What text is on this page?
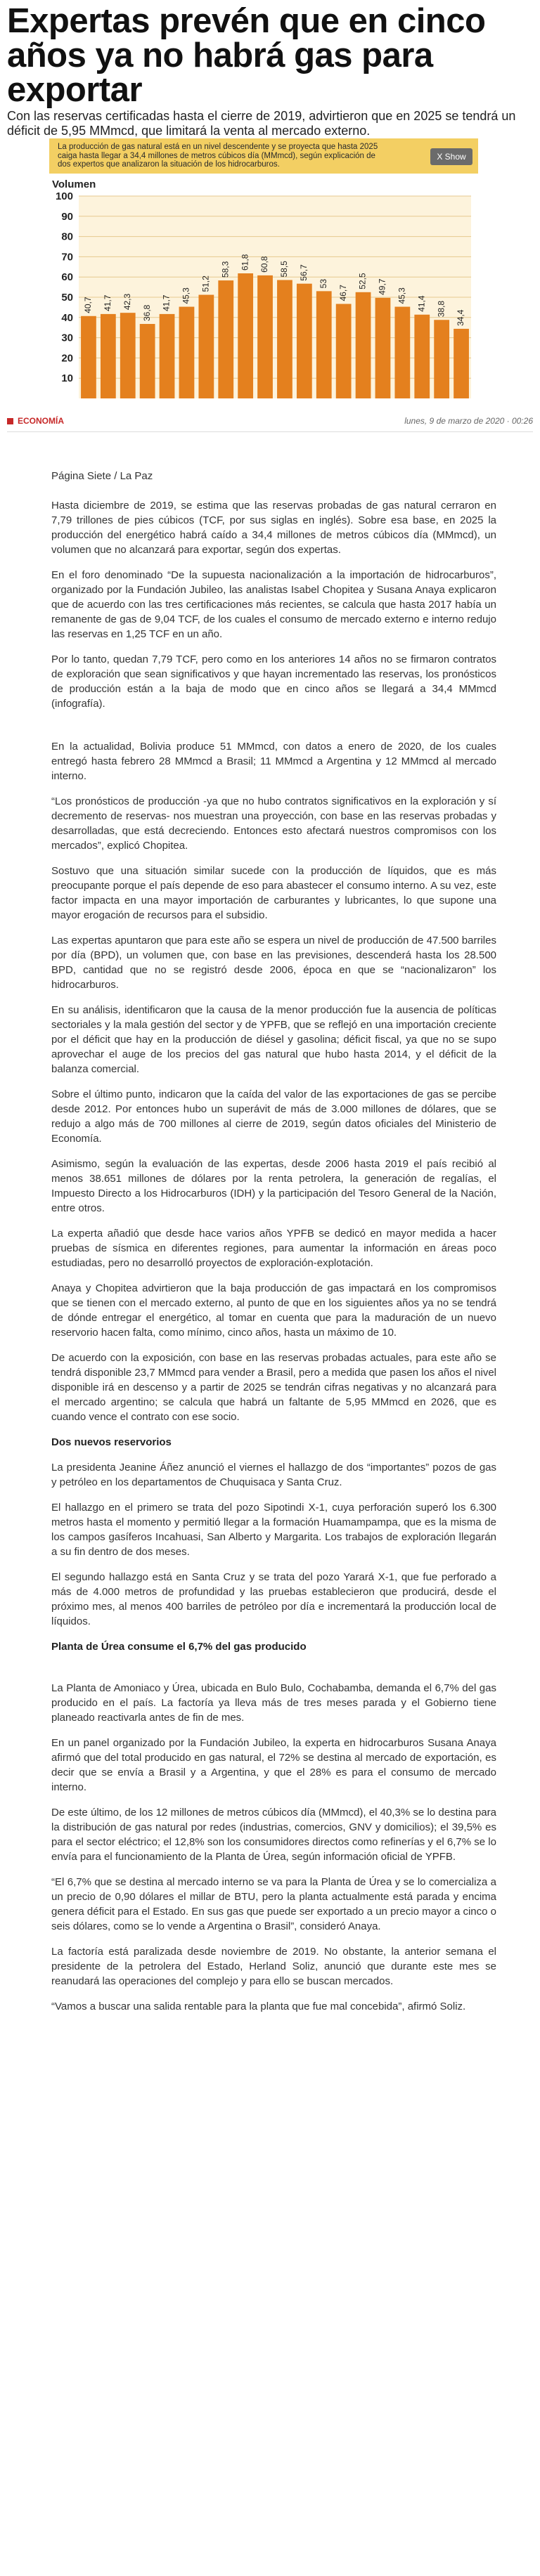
Expertas prevén que en cinco años ya no habrá gas para exportar

Con las reservas certificadas hasta el cierre de 2019, advirtieron que en 2025 se tendrá un déficit de 5,95 MMmcd, que limitará la venta al mercado externo.

La producción de gas natural está en un nivel descendente y se proyecta que hasta 2025 caiga hasta llegar a 34,4 millones de metros cúbicos día (MMmcd), según explicación de dos expertos que analizaron la situación de los hidrocarburos.
X Show
Volumen
10
20
30
40
50
60
70
80
90
100
40,7 41,7 42,3
36,8
41,7 45,3
51,2
58,3 61,8 60,8 58,5 56,7
53
46,7
52,5 49,7
45,3 41,4 38,8
34,4
ECONOMÍA	lunes, 9 de marzo de 2020 · 00:26

Página Siete / La Paz

Hasta diciembre de 2019, se estima que las reservas probadas de gas natural cerraron en 7,79 trillones de pies cúbicos (TCF, por sus siglas en inglés). Sobre esa base, en 2025 la producción del energético habrá caído a 34,4 millones de metros cúbicos día (MMmcd), un volumen que no alcanzará para exportar, según dos expertas.

En el foro denominado “De la supuesta nacionalización a la importación de hidrocarburos”, organizado por la Fundación Jubileo, las analistas Isabel Chopitea y Susana Anaya explicaron que de acuerdo con las tres certificaciones más recientes, se calcula que hasta 2017 había un remanente de gas de 9,04 TCF, de los cuales el consumo de mercado externo e interno redujo las reservas en 1,25 TCF en un año.

Por lo tanto, quedan 7,79 TCF, pero como en los anteriores 14 años no se firmaron contratos de exploración que sean significativos y que hayan incrementado las reservas, los pronósticos de producción están a la baja de modo que en cinco años se llegará a 34,4 MMmcd (infografía).

En la actualidad, Bolivia produce 51 MMmcd, con datos a enero de 2020, de los cuales entregó hasta febrero 28 MMmcd a Brasil; 11 MMmcd a Argentina y 12 MMmcd al mercado interno.

“Los pronósticos de producción -ya que no hubo contratos significativos en la exploración y sí decremento de reservas- nos muestran una proyección, con base en las reservas probadas y desarrolladas, que está decreciendo. Entonces esto afectará nuestros compromisos con los mercados”, explicó Chopitea.

Sostuvo que una situación similar sucede con la producción de líquidos, que es más preocupante porque el país depende de eso para abastecer el consumo interno. A su vez, este factor impacta en una mayor importación de carburantes y lubricantes, lo que supone una mayor erogación de recursos para el subsidio.

Las expertas apuntaron que para este año se espera un nivel de producción de 47.500 barriles por día (BPD), un volumen que, con base en las previsiones, descenderá hasta los 28.500 BPD, cantidad que no se registró desde 2006, época en que se “nacionalizaron” los hidrocarburos.

En su análisis, identificaron que la causa de la menor producción fue la ausencia de políticas sectoriales y la mala gestión del sector y de YPFB, que se reflejó en una importación creciente por el déficit que hay en la producción de diésel y gasolina; déficit fiscal, ya que no se supo aprovechar el auge de los precios del gas natural que hubo hasta 2014, y el déficit de la balanza comercial.

Sobre el último punto, indicaron que la caída del valor de las exportaciones de gas se percibe desde 2012. Por entonces hubo un superávit de más de 3.000 millones de dólares, que se redujo a algo más de 700 millones al cierre de 2019, según datos oficiales del Ministerio de Economía.

Asimismo, según la evaluación de las expertas, desde 2006 hasta 2019 el país recibió al menos 38.651 millones de dólares por la renta petrolera, la generación de regalías, el Impuesto Directo a los Hidrocarburos (IDH) y la participación del Tesoro General de la Nación, entre otros.

La experta añadió que desde hace varios años YPFB se dedicó en mayor medida a hacer pruebas de sísmica en diferentes regiones, para aumentar la información en áreas poco estudiadas, pero no desarrolló proyectos de exploración-explotación.

Anaya y Chopitea advirtieron que la baja producción de gas impactará en los compromisos que se tienen con el mercado externo, al punto de que en los siguientes años ya no se tendrá de dónde entregar el energético, al tomar en cuenta que para la maduración de un nuevo reservorio hacen falta, como mínimo, cinco años, hasta un máximo de 10.

De acuerdo con la exposición, con base en las reservas probadas actuales, para este año se tendrá disponible 23,7 MMmcd para vender a Brasil, pero a medida que pasen los años el nivel disponible irá en descenso y a partir de 2025 se tendrán cifras negativas y no alcanzará para el mercado argentino; se calcula que habrá un faltante de 5,95 MMmcd en 2026, que es cuando vence el contrato con ese socio.

Dos nuevos reservorios

La presidenta Jeanine Áñez anunció el viernes el hallazgo de dos “importantes” pozos de gas y petróleo en los departamentos de Chuquisaca y Santa Cruz.

El hallazgo en el primero se trata del pozo Sipotindi X-1, cuya perforación superó los 6.300 metros hasta el momento y permitió llegar a la formación Huamampampa, que es la misma de los campos gasíferos Incahuasi, San Alberto y Margarita. Los trabajos de exploración llegarán a su fin dentro de dos meses.

El segundo hallazgo está en Santa Cruz y se trata del pozo Yarará X-1, que fue perforado a más de 4.000 metros de profundidad y las pruebas establecieron que producirá, desde el próximo mes, al menos 400 barriles de petróleo por día e incrementará la producción local de líquidos.

Planta de Úrea consume el 6,7% del gas producido

La Planta de Amoniaco y Úrea, ubicada en Bulo Bulo, Cochabamba, demanda el 6,7% del gas producido en el país. La factoría ya lleva más de tres meses parada y el Gobierno tiene planeado reactivarla antes de fin de mes.

En un panel organizado por la Fundación Jubileo, la experta en hidrocarburos Susana Anaya afirmó que del total producido en gas natural, el 72% se destina al mercado de exportación, es decir que se envía a Brasil y a Argentina, y que el 28% es para el consumo de mercado interno.

De este último, de los 12 millones de metros cúbicos día (MMmcd), el 40,3% se lo destina para la distribución de gas natural por redes (industrias, comercios, GNV y domicilios); el 39,5% es para el sector eléctrico; el 12,8% son los consumidores directos como refinerías y el 6,7% se lo envía para el funcionamiento de la Planta de Úrea, según información oficial de YPFB.

“El 6,7% que se destina al mercado interno se va para la Planta de Úrea y se lo comercializa a un precio de 0,90 dólares el millar de BTU, pero la planta actualmente está parada y encima genera déficit para el Estado. En sus gas que puede ser exportado a un precio mayor a cinco o seis dólares, como se lo vende a Argentina o Brasil”, consideró Anaya.

La factoría está paralizada desde noviembre de 2019. No obstante, la anterior semana el presidente de la petrolera del Estado, Herland Soliz, anunció que durante este mes se reanudará las operaciones del complejo y para ello se buscan mercados.

“Vamos a buscar una salida rentable para la planta que fue mal concebida”, afirmó Soliz.
